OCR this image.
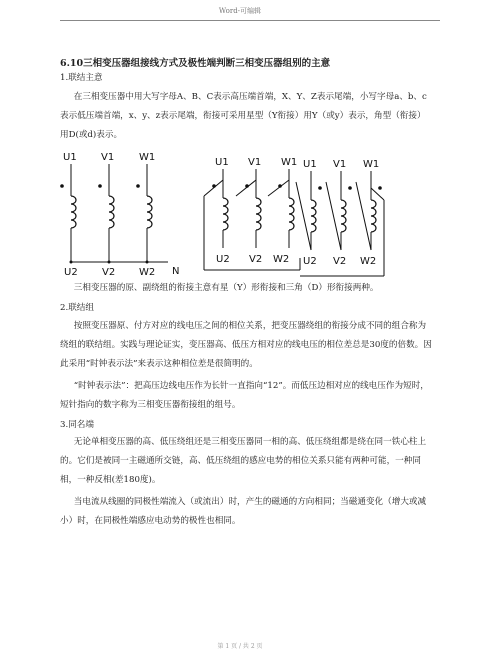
Word-可编辑
6.10三相变压器组接线方式及极性端判断三相变压器组别的主意
1.联结主意
在三相变压器中用大写字母A、B、C表示高压端首端，X、Y、Z表示尾端，小写字母a、b、c表示低压端首端，x、y、z表示尾端，衔接可采用星型（Y衔接）用Y（或y）表示，角型（衔接）用D(或d)表示。
U1 V1 W1
U2 V2 W2 N
U1 V1 W1
U2 V2 W2
U1 V1 W1
U2 V2 W2
三相变压器的原、副绕组的衔接主意有星（Y）形衔接和三角（D）形衔接两种。
2.联结组
按照变压器原、付方对应的线电压之间的相位关系，把变压器绕组的衔接分成不同的组合称为绕组的联结组。实践与理论证实，变压器高、低压方相对应的线电压的相位差总是30度的倍数。因此采用“时钟表示法”来表示这种相位差是很简明的。
“时钟表示法”：把高压边线电压作为长针一直指向“12”。而低压边相对应的线电压作为短时，短针指向的数字称为三相变压器衔接组的组号。
3.同名端
无论单相变压器的高、低压绕组还是三相变压器同一相的高、低压绕组都是绕在同一铁心柱上的。它们是被同一主磁通所交链，高、低压绕组的感应电势的相位关系只能有两种可能，一种同相，一种反相(差180度)。
当电流从线圈的同极性端流入（或流出）时，产生的磁通的方向相同；当磁通变化（增大或减小）时，在同极性端感应电动势的极性也相同。
第 1 页 / 共 2 页
